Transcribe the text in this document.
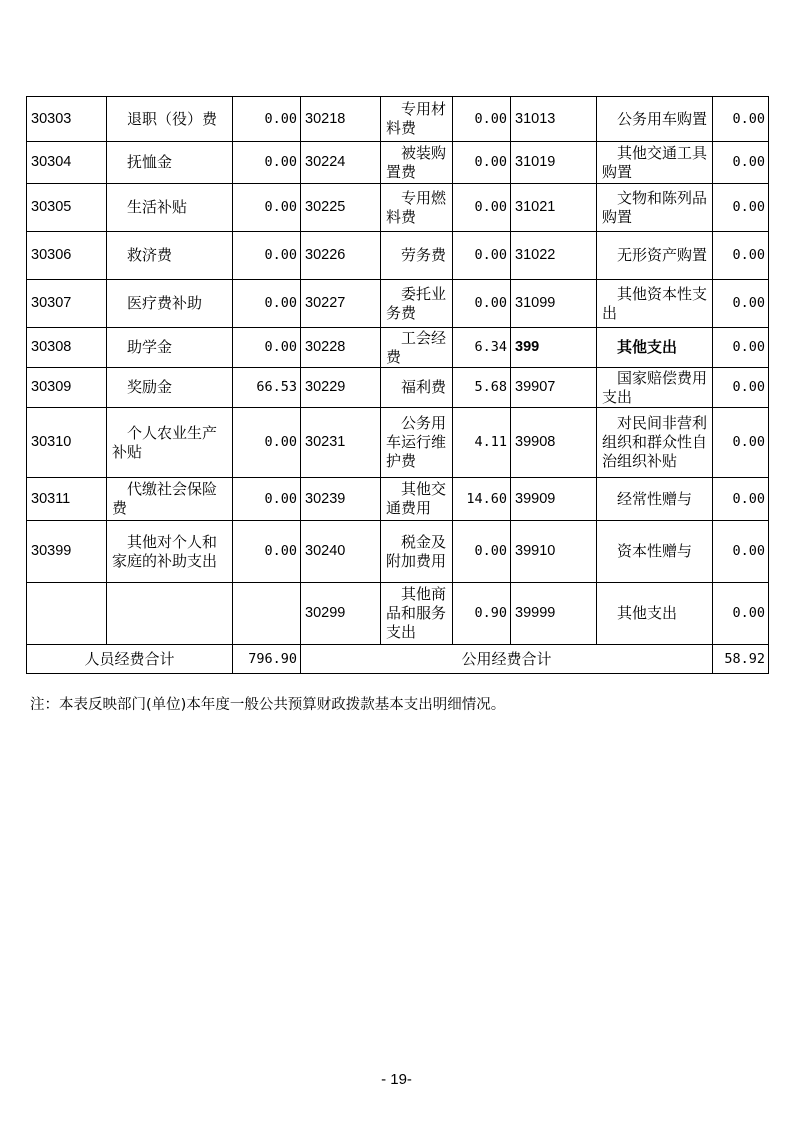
30303	退职（役）费	0.00	30218	专用材料费	0.00	31013	公务用车购置	0.00
30304	抚恤金	0.00	30224	被装购置费	0.00	31019	其他交通工具购置	0.00
30305	生活补贴	0.00	30225	专用燃料费	0.00	31021	文物和陈列品购置	0.00
30306	救济费	0.00	30226	劳务费	0.00	31022	无形资产购置	0.00
30307	医疗费补助	0.00	30227	委托业务费	0.00	31099	其他资本性支出	0.00
30308	助学金	0.00	30228	工会经费	6.34	399	其他支出	0.00
30309	奖励金	66.53	30229	福利费	5.68	39907	国家赔偿费用支出	0.00
30310	个人农业生产补贴	0.00	30231	公务用车运行维护费	4.11	39908	对民间非营利组织和群众性自治组织补贴	0.00
30311	代缴社会保险费	0.00	30239	其他交通费用	14.60	39909	经常性赠与	0.00
30399	其他对个人和家庭的补助支出	0.00	30240	税金及附加费用	0.00	39910	资本性赠与	0.00

		30299	其他商品和服务支出	0.90	39999	其他支出	0.00
人员经费合计		796.90	公用经费合计					58.92
注：本表反映部门(单位)本年度一般公共预算财政拨款基本支出明细情况。
- 19-
